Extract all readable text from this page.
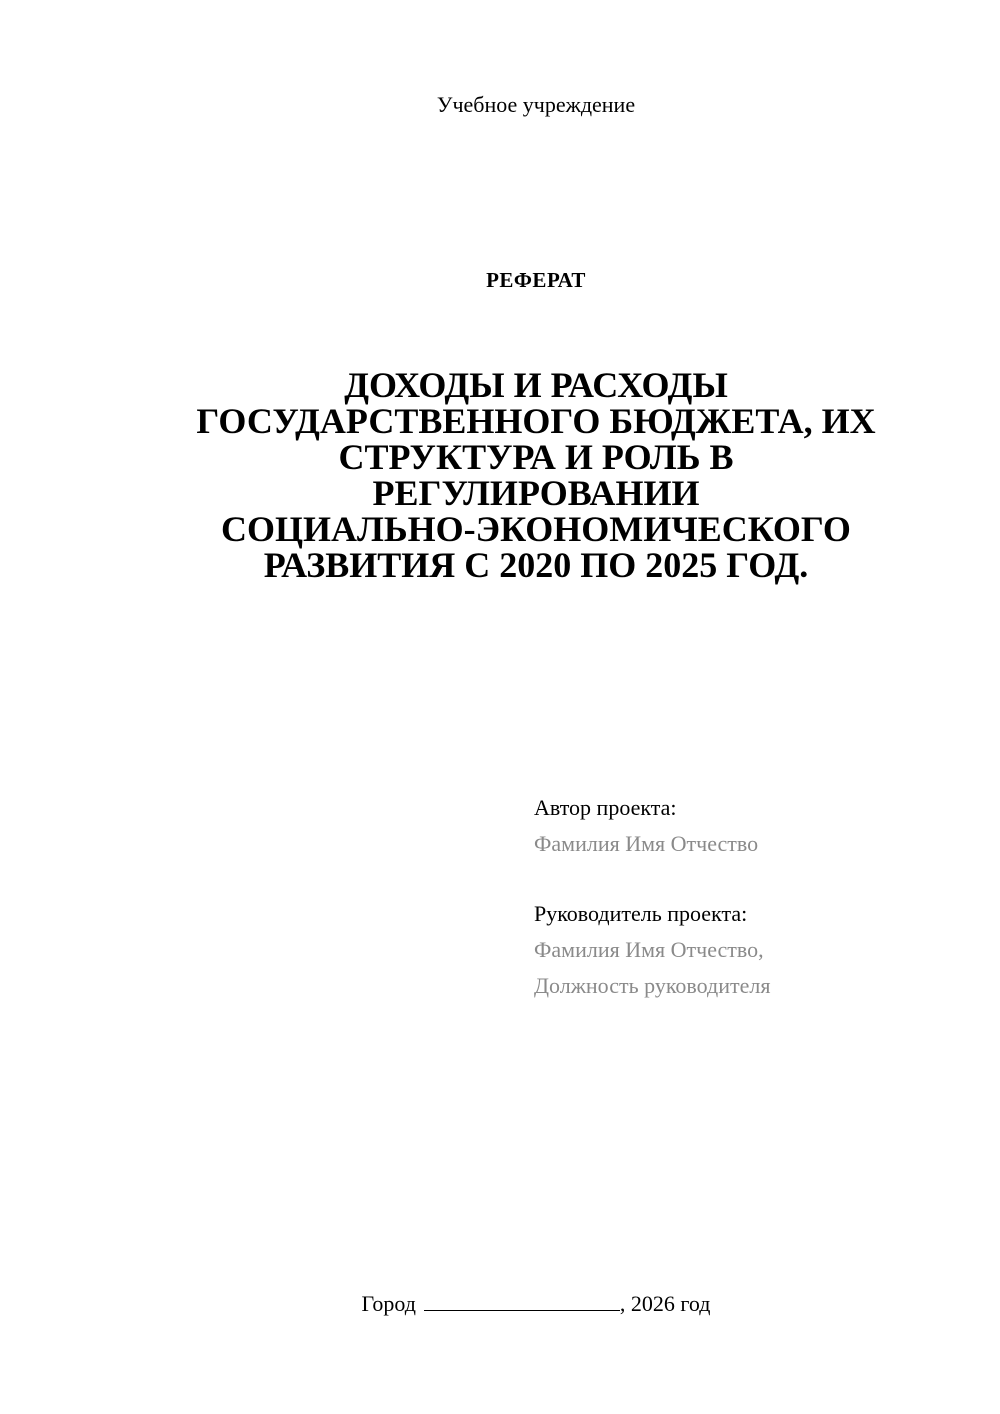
Учебное учреждение
РЕФЕРАТ
ДОХОДЫ И РАСХОДЫ
ГОСУДАРСТВЕННОГО БЮДЖЕТА, ИХ
СТРУКТУРА И РОЛЬ В
РЕГУЛИРОВАНИИ
СОЦИАЛЬНО-ЭКОНОМИЧЕСКОГО
РАЗВИТИЯ С 2020 ПО 2025 ГОД.
Автор проекта:
Фамилия Имя Отчество
Руководитель проекта:
Фамилия Имя Отчество,
Должность руководителя
Город	, 2026 год
